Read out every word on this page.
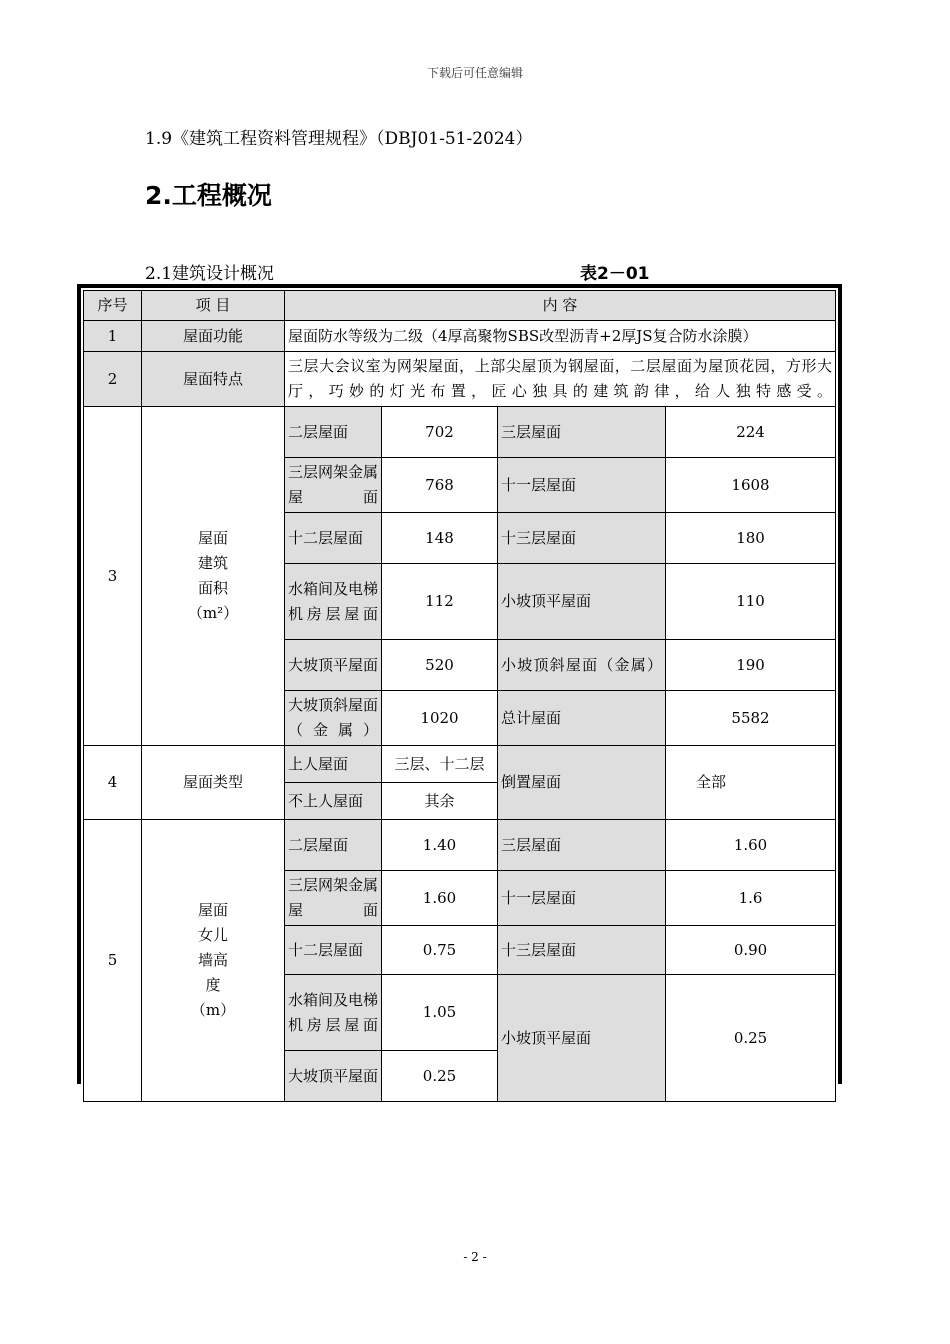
下载后可任意编辑
1.9《建筑工程资料管理规程》（DBJ01-51-2024）
2.工程概况
2.1建筑设计概况	表2－01
序号	项 目	内 容			
1	屋面功能	屋面防水等级为二级（4厚高聚物SBS改型沥青+2厚JS复合防水涂膜）			
2	屋面特点	三层大会议室为网架屋面，上部尖屋顶为钢屋面，二层屋面为屋顶花园，方形大厅，巧妙的灯光布置，匠心独具的建筑韵律，给人独特感受。			
3	屋面
建筑
面积
（m²）	二层屋面	702	三层屋面	224
		三层网架金属屋面	768	十一层屋面	1608
		十二层屋面	148	十三层屋面	180
		水箱间及电梯机房层屋面	112	小坡顶平屋面	110
		大坡顶平屋面	520	小坡顶斜屋面（金属）	190
		大坡顶斜屋面（金属）	1020	总计屋面	5582
4	屋面类型	上人屋面	三层、十二层	倒置屋面	全部
		不上人屋面	其余		
5	屋面
女儿
墙高
度
（m）	二层屋面	1.40	三层屋面	1.60
		三层网架金属屋面	1.60	十一层屋面	1.6
		十二层屋面	0.75	十三层屋面	0.90
		水箱间及电梯机房层屋面	1.05	小坡顶平屋面	0.25
		大坡顶平屋面	0.25		
- 2 -
